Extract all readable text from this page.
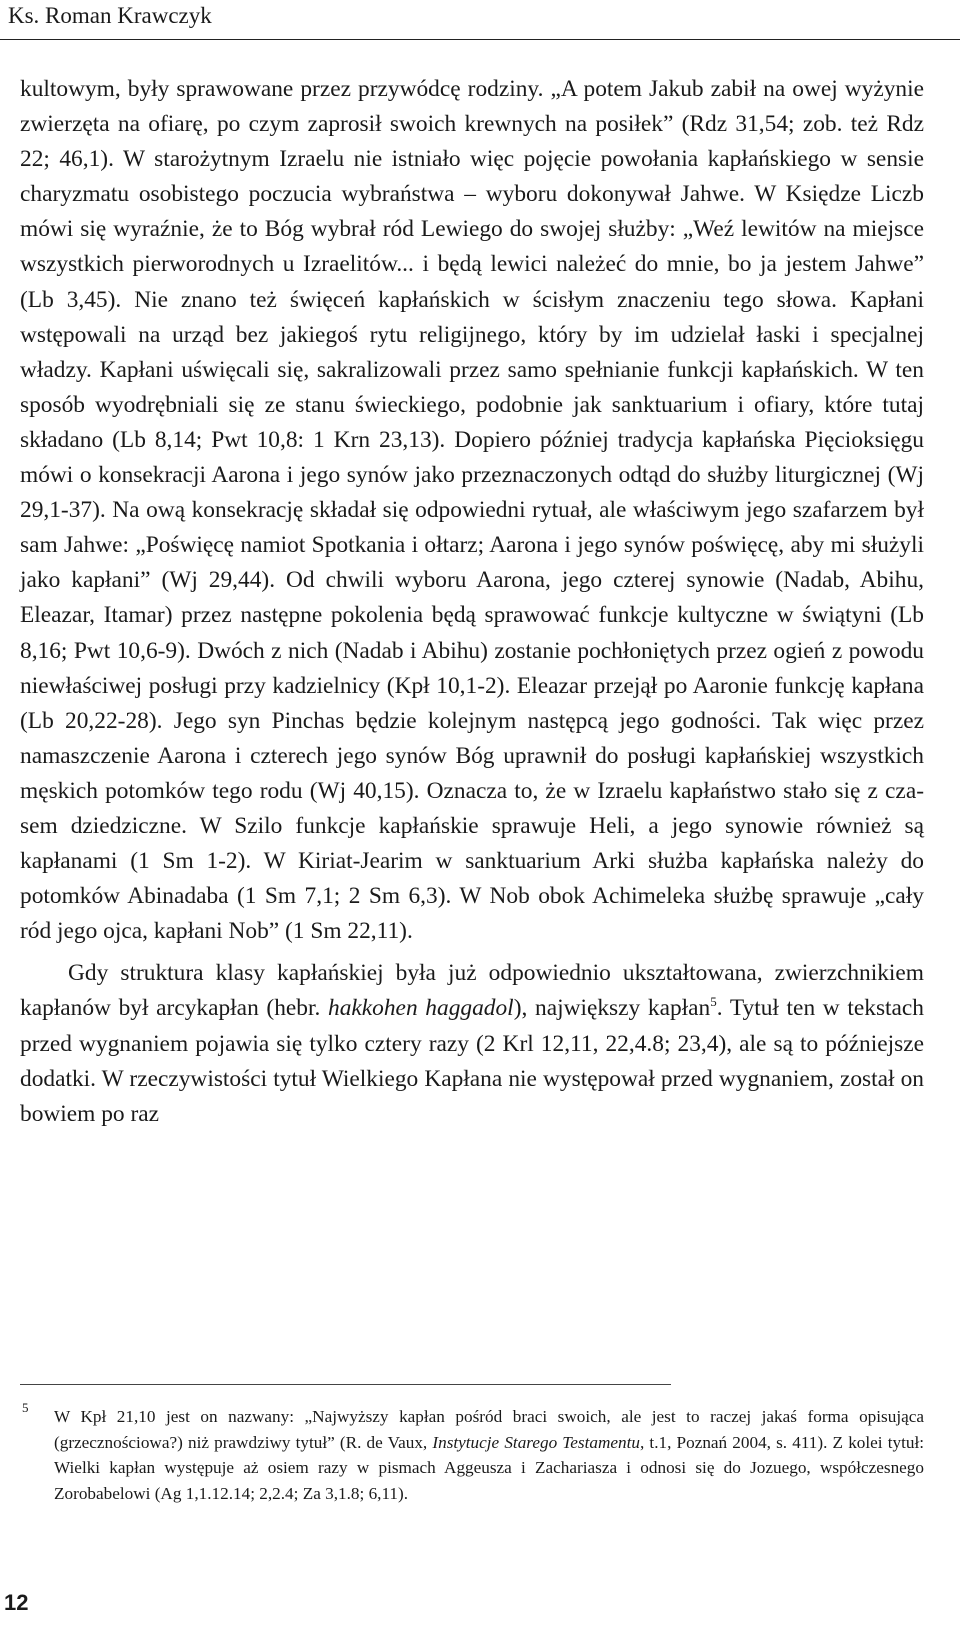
Ks. Roman Krawczyk

kultowym, były sprawowane przez przywódcę rodziny. „A potem Jakub zabił na owej wyżynie zwierzęta na ofiarę, po czym zaprosił swoich krewnych na posiłek” (Rdz 31,54; zob. też Rdz 22; 46,1). W starożytnym Izraelu nie istniało więc pojęcie powołania kapłańskiego w sensie charyzmatu osobistego poczucia wybraństwa – wyboru dokonywał Jahwe. W Księdze Liczb mówi się wyraźnie, że to Bóg wybrał ród Lewiego do swojej służby: „Weź lewitów na miejsce wszystkich pierworodnych u Izraelitów... i będą lewici należeć do mnie, bo ja jestem Jahwe” (Lb 3,45). Nie znano też święceń kapłańskich w ścisłym znaczeniu tego słowa. Kapłani wstępowali na urząd bez jakiegoś rytu religijnego, który by im udzielał łaski i specjalnej władzy. Kapłani uświęcali się, sakralizowali przez samo spełnianie funkcji kapłańskich. W ten sposób wyodrębniali się ze stanu świeckiego, podobnie jak sanktuarium i ofiary, które tutaj składano (Lb 8,14; Pwt 10,8: 1 Krn 23,13). Dopiero później tradycja kapłańska Pięcioksięgu mówi o konsekracji Aarona i jego synów jako przeznaczonych odtąd do służby liturgicznej (Wj 29,1-37). Na ową konsekrację składał się odpowiedni rytuał, ale właściwym jego szafarzem był sam Jahwe: „Poświęcę namiot Spotkania i ołtarz; Aarona i jego synów poświęcę, aby mi służyli jako kapłani” (Wj 29,44). Od chwili wyboru Aarona, jego czterej synowie (Nadab, Abihu, Eleazar, Itamar) przez następne pokolenia będą sprawować funkcje kultyczne w świątyni (Lb 8,16; Pwt 10,6-9). Dwóch z nich (Nadab i Abihu) zostanie pochłoniętych przez ogień z powodu niewłaściwej posługi przy kadzielnicy (Kpł 10,1-2). Eleazar przejął po Aaronie funkcję kapłana (Lb 20,22-28). Jego syn Pinchas będzie kolejnym następcą jego godności. Tak więc przez namaszczenie Aarona i czterech jego synów Bóg uprawnił do posługi kapłańskiej wszystkich męskich potomków tego rodu (Wj 40,15). Oznacza to, że w Izraelu kapłaństwo stało się z czasem dziedziczne. W Szilo funkcje kapłańskie sprawuje Heli, a jego synowie również są kapłanami (1 Sm 1-2). W Kiriat-Jearim w sanktuarium Arki służba kapłańska należy do potomków Abinadaba (1 Sm 7,1; 2 Sm 6,3). W Nob obok Achimeleka służbę sprawuje „cały ród jego ojca, kapłani Nob” (1 Sm 22,11).

Gdy struktura klasy kapłańskiej była już odpowiednio ukształtowana, zwierzchnikiem kapłanów był arcykapłan (hebr. hakkohen haggadol), największy kapłan$^5$. Tytuł ten w tekstach przed wygnaniem pojawia się tylko cztery razy (2 Krl 12,11, 22,4.8; 23,4), ale są to późniejsze dodatki. W rzeczywistości tytuł Wielkiego Kapłana nie występował przed wygnaniem, został on bowiem po raz

5 W Kpł 21,10 jest on nazwany: „Najwyższy kapłan pośród braci swoich, ale jest to raczej jakaś forma opisująca (grzecznościowa?) niż prawdziwy tytuł” (R. de Vaux, Instytucje Starego Testamentu, t.1, Poznań 2004, s. 411). Z kolei tytuł: Wielki kapłan występuje aż osiem razy w pismach Aggeusza i Zachariasza i odnosi się do Jozuego, współczesnego Zorobabelowi (Ag 1,1.12.14; 2,2.4; Za 3,1.8; 6,11).
12
